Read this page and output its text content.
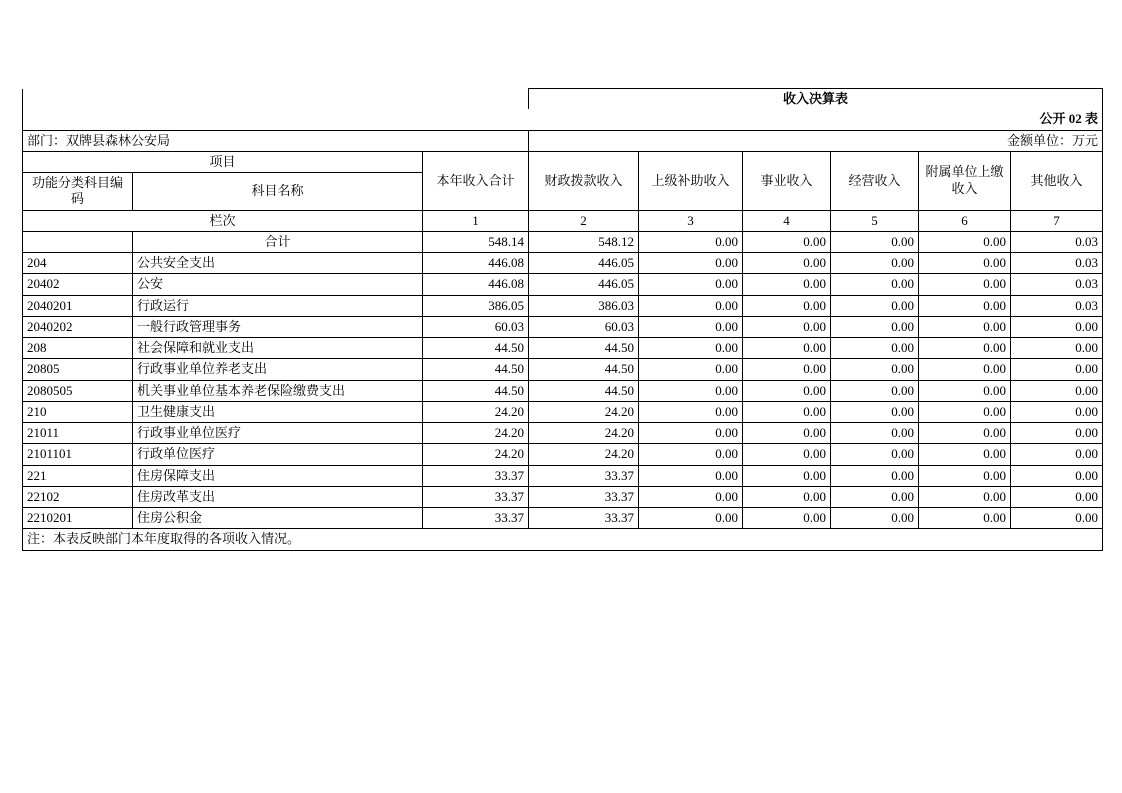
			收入决算表					
			公开 02 表					
部门：双牌县森林公安局			金额单位：万元					
项目		本年收入合计	财政拨款收入	上级补助收入	事业收入	经营收入	附属单位上缴收入	其他收入
功能分类科目编码	科目名称							
栏次		1	2	3	4	5	6	7
	合计	548.14	548.12	0.00	0.00	0.00	0.00	0.03
204	公共安全支出	446.08	446.05	0.00	0.00	0.00	0.00	0.03
20402	公安	446.08	446.05	0.00	0.00	0.00	0.00	0.03
2040201	行政运行	386.05	386.03	0.00	0.00	0.00	0.00	0.03
2040202	一般行政管理事务	60.03	60.03	0.00	0.00	0.00	0.00	0.00
208	社会保障和就业支出	44.50	44.50	0.00	0.00	0.00	0.00	0.00
20805	行政事业单位养老支出	44.50	44.50	0.00	0.00	0.00	0.00	0.00
2080505	机关事业单位基本养老保险缴费支出	44.50	44.50	0.00	0.00	0.00	0.00	0.00
210	卫生健康支出	24.20	24.20	0.00	0.00	0.00	0.00	0.00
21011	行政事业单位医疗	24.20	24.20	0.00	0.00	0.00	0.00	0.00
2101101	行政单位医疗	24.20	24.20	0.00	0.00	0.00	0.00	0.00
221	住房保障支出	33.37	33.37	0.00	0.00	0.00	0.00	0.00
22102	住房改革支出	33.37	33.37	0.00	0.00	0.00	0.00	0.00
2210201	住房公积金	33.37	33.37	0.00	0.00	0.00	0.00	0.00
注：本表反映部门本年度取得的各项收入情况。								
